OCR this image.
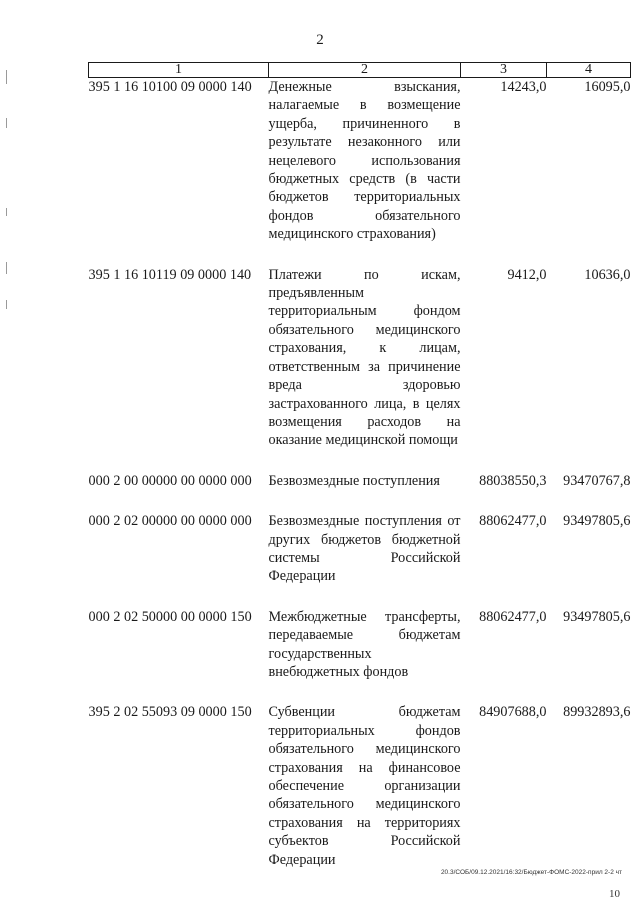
2
1	2	3	4
395 1 16 10100 09 0000 140	Денежные взыскания, налагаемые в возмещение ущерба, причиненного в результате незаконного или нецелевого использования бюджетных средств (в части бюджетов территориальных фондов обязательного медицинского страхования)	14243,0	16095,0

395 1 16 10119 09 0000 140	Платежи по искам, предъявленным территориальным фондом обязательного медицинского страхования, к лицам, ответственным за причинение вреда здоровью застрахованного лица, в целях возмещения расходов на оказание медицинской помощи	9412,0	10636,0

000 2 00 00000 00 0000 000	Безвозмездные поступления	88038550,3	93470767,8

000 2 02 00000 00 0000 000	Безвозмездные поступления от других бюджетов бюджетной системы Российской Федерации	88062477,0	93497805,6

000 2 02 50000 00 0000 150	Межбюджетные трансферты, передаваемые бюджетам государственных внебюджетных фондов	88062477,0	93497805,6

395 2 02 55093 09 0000 150	Субвенции бюджетам территориальных фондов обязательного медицинского страхования на финансовое обеспечение организации обязательного медицинского страхования на территориях субъектов Российской Федерации	84907688,0	89932893,6
20.3/СОБ/09.12.2021/16:32/Бюджет-ФОМС-2022-прил 2-2 чт
10
